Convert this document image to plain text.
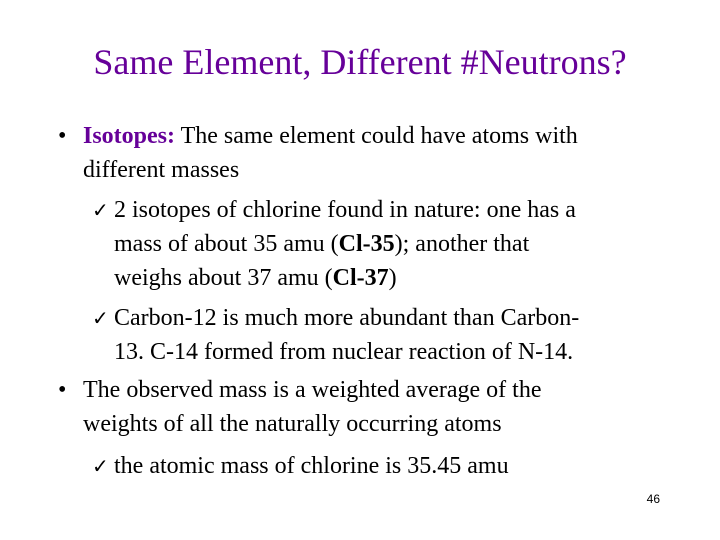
Same Element, Different #Neutrons?
• Isotopes: The same element could have atoms with
different masses
✓ 2 isotopes of chlorine found in nature: one has a
mass of about 35 amu (Cl-35); another that
weighs about 37 amu (Cl-37)
✓ Carbon-12 is much more abundant than Carbon-
13. C-14 formed from nuclear reaction of N-14.
• The observed mass is a weighted average of the
weights of all the naturally occurring atoms
✓ the atomic mass of chlorine is 35.45 amu
46
